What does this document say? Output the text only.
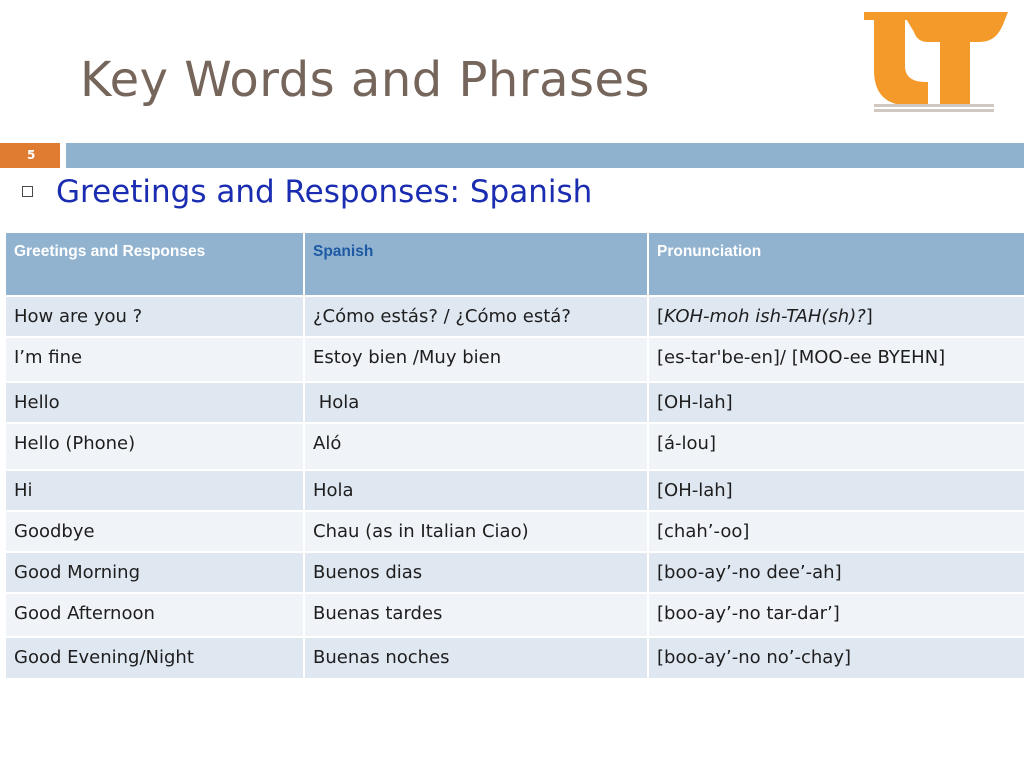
Key Words and Phrases
5
Greetings and Responses: Spanish
Greetings and Responses	Spanish	Pronunciation
How are you ?	¿Cómo estás? / ¿Cómo está?	[KOH-moh ish-TAH(sh)?]
I’m fine	Estoy bien /Muy bien	[es-tar'be-en]/ [MOO-ee BYEHN]
Hello	Hola	[OH-lah]
Hello (Phone)	Aló	[á-lou]
Hi	Hola	[OH-lah]
Goodbye	Chau (as in Italian Ciao)	[chah’-oo]
Good Morning	Buenos dias	[boo-ay’-no dee’-ah]
Good Afternoon	Buenas tardes	[boo-ay’-no tar-dar’]
Good Evening/Night	Buenas noches	[boo-ay’-no no’-chay]
